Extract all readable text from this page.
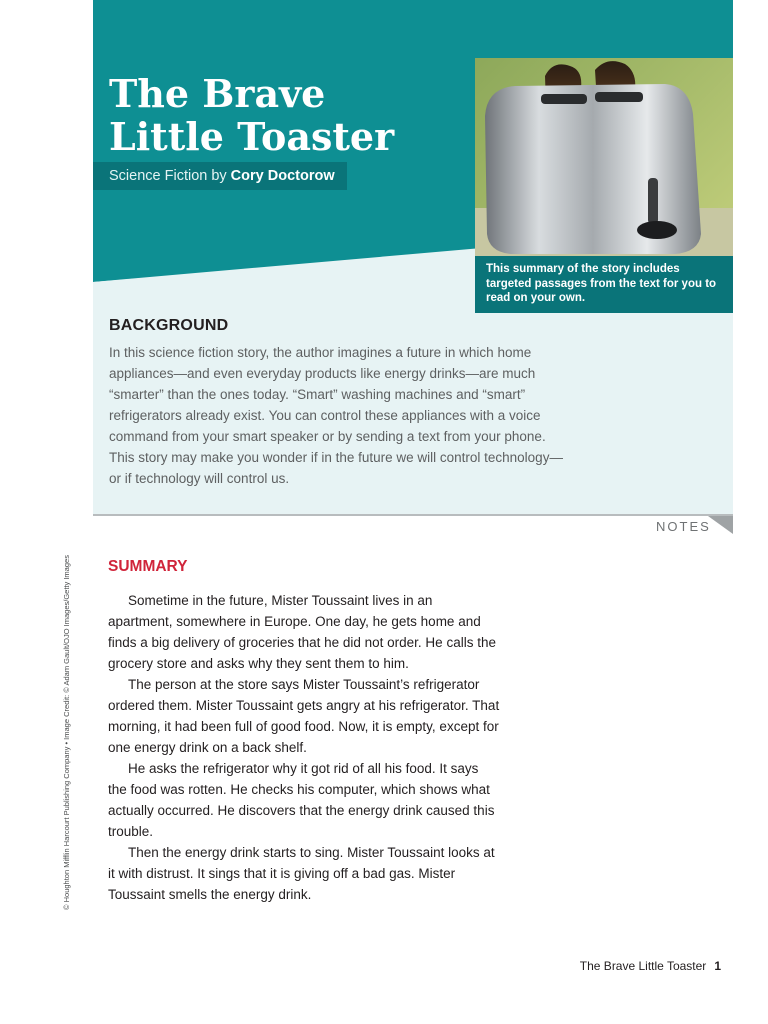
The Brave
Little Toaster
Science Fiction by Cory Doctorow
This summary of the story includes targeted passages from the text for you to read on your own.
BACKGROUND

In this science fiction story, the author imagines a future in which home appliances—and even everyday products like energy drinks—are much “smarter” than the ones today. “Smart” washing machines and “smart” refrigerators already exist. You can control these appliances with a voice command from your smart speaker or by sending a text from your phone. This story may make you wonder if in the future we will control technology—or if technology will control us.

NOTES
SUMMARY

Sometime in the future, Mister Toussaint lives in an apartment, somewhere in Europe. One day, he gets home and finds a big delivery of groceries that he did not order. He calls the grocery store and asks why they sent them to him.

The person at the store says Mister Toussaint’s refrigerator ordered them. Mister Toussaint gets angry at his refrigerator. That morning, it had been full of good food. Now, it is empty, except for one energy drink on a back shelf.

He asks the refrigerator why it got rid of all his food. It says the food was rotten. He checks his computer, which shows what actually occurred. He discovers that the energy drink caused this trouble.

Then the energy drink starts to sing. Mister Toussaint looks at it with distrust. It sings that it is giving off a bad gas. Mister Toussaint smells the energy drink.

© Houghton Mifflin Harcourt Publishing Company • Image Credit: © Adam Gault/OJO Images/Getty Images
The Brave Little Toaster 1
